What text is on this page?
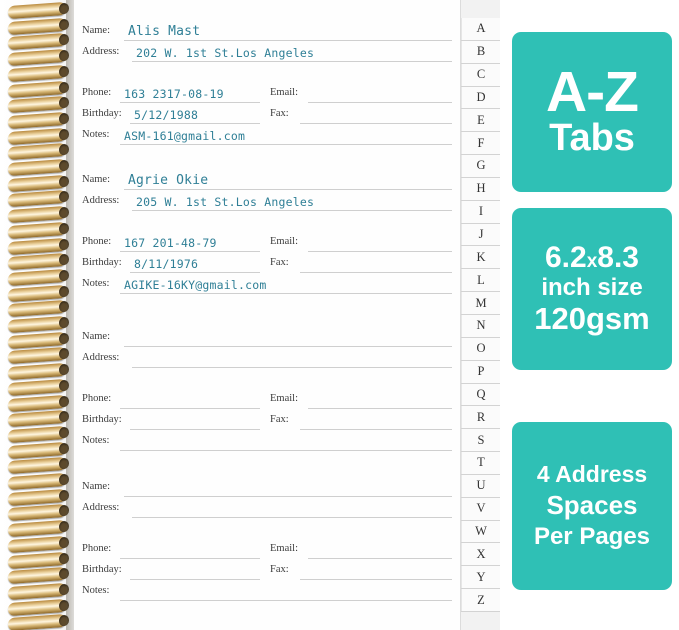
Name: Alis Mast
Address: 202 W. 1st St.Los Angeles
Phone: 163 2317-08-19	Email:
Birthday: 5/12/1988	Fax:
Notes: ASM-161@gmail.com
Name: Agrie Okie
Address: 205 W. 1st St.Los Angeles
Phone: 167 201-48-79	Email:
Birthday: 8/11/1976	Fax:
Notes: AGIKE-16KY@gmail.com
Name:
Address:
Phone:	Email:
Birthday:	Fax:
Notes:
Name:
Address:
Phone:	Email:
Birthday:	Fax:
Notes:
A
B
C
D
E
F
G
H
I
J
K
L
M
N
O
P
Q
R
S
T
U
V
W
X
Y
Z
A-Z
Tabs
6.2x8.3
inch size
120gsm
4 Address
Spaces
Per Pages
